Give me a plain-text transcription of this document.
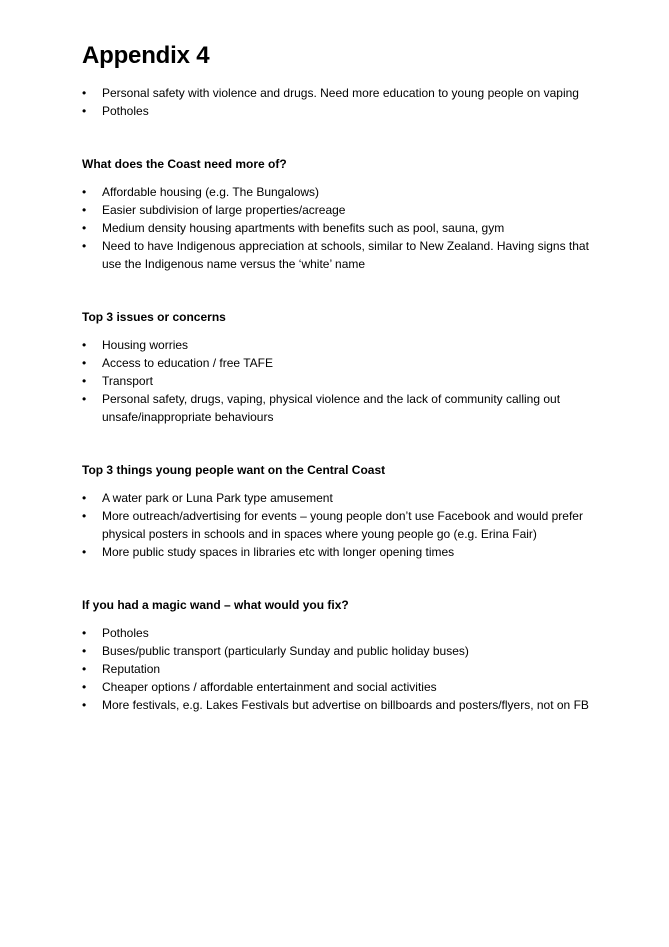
Appendix 4
•	Personal safety with violence and drugs. Need more education to young people on vaping
•	Potholes

What does the Coast need more of?

•	Affordable housing (e.g. The Bungalows)
•	Easier subdivision of large properties/acreage
•	Medium density housing apartments with benefits such as pool, sauna, gym
•	Need to have Indigenous appreciation at schools, similar to New Zealand. Having signs that use the Indigenous name versus the ‘white’ name

Top 3 issues or concerns

•	Housing worries
•	Access to education / free TAFE
•	Transport
•	Personal safety, drugs, vaping, physical violence and the lack of community calling out unsafe/inappropriate behaviours

Top 3 things young people want on the Central Coast

•	A water park or Luna Park type amusement
•	More outreach/advertising for events – young people don’t use Facebook and would prefer physical posters in schools and in spaces where young people go (e.g. Erina Fair)
•	More public study spaces in libraries etc with longer opening times

If you had a magic wand – what would you fix?

•	Potholes
•	Buses/public transport (particularly Sunday and public holiday buses)
•	Reputation
•	Cheaper options / affordable entertainment and social activities
•	More festivals, e.g. Lakes Festivals but advertise on billboards and posters/flyers, not on FB
